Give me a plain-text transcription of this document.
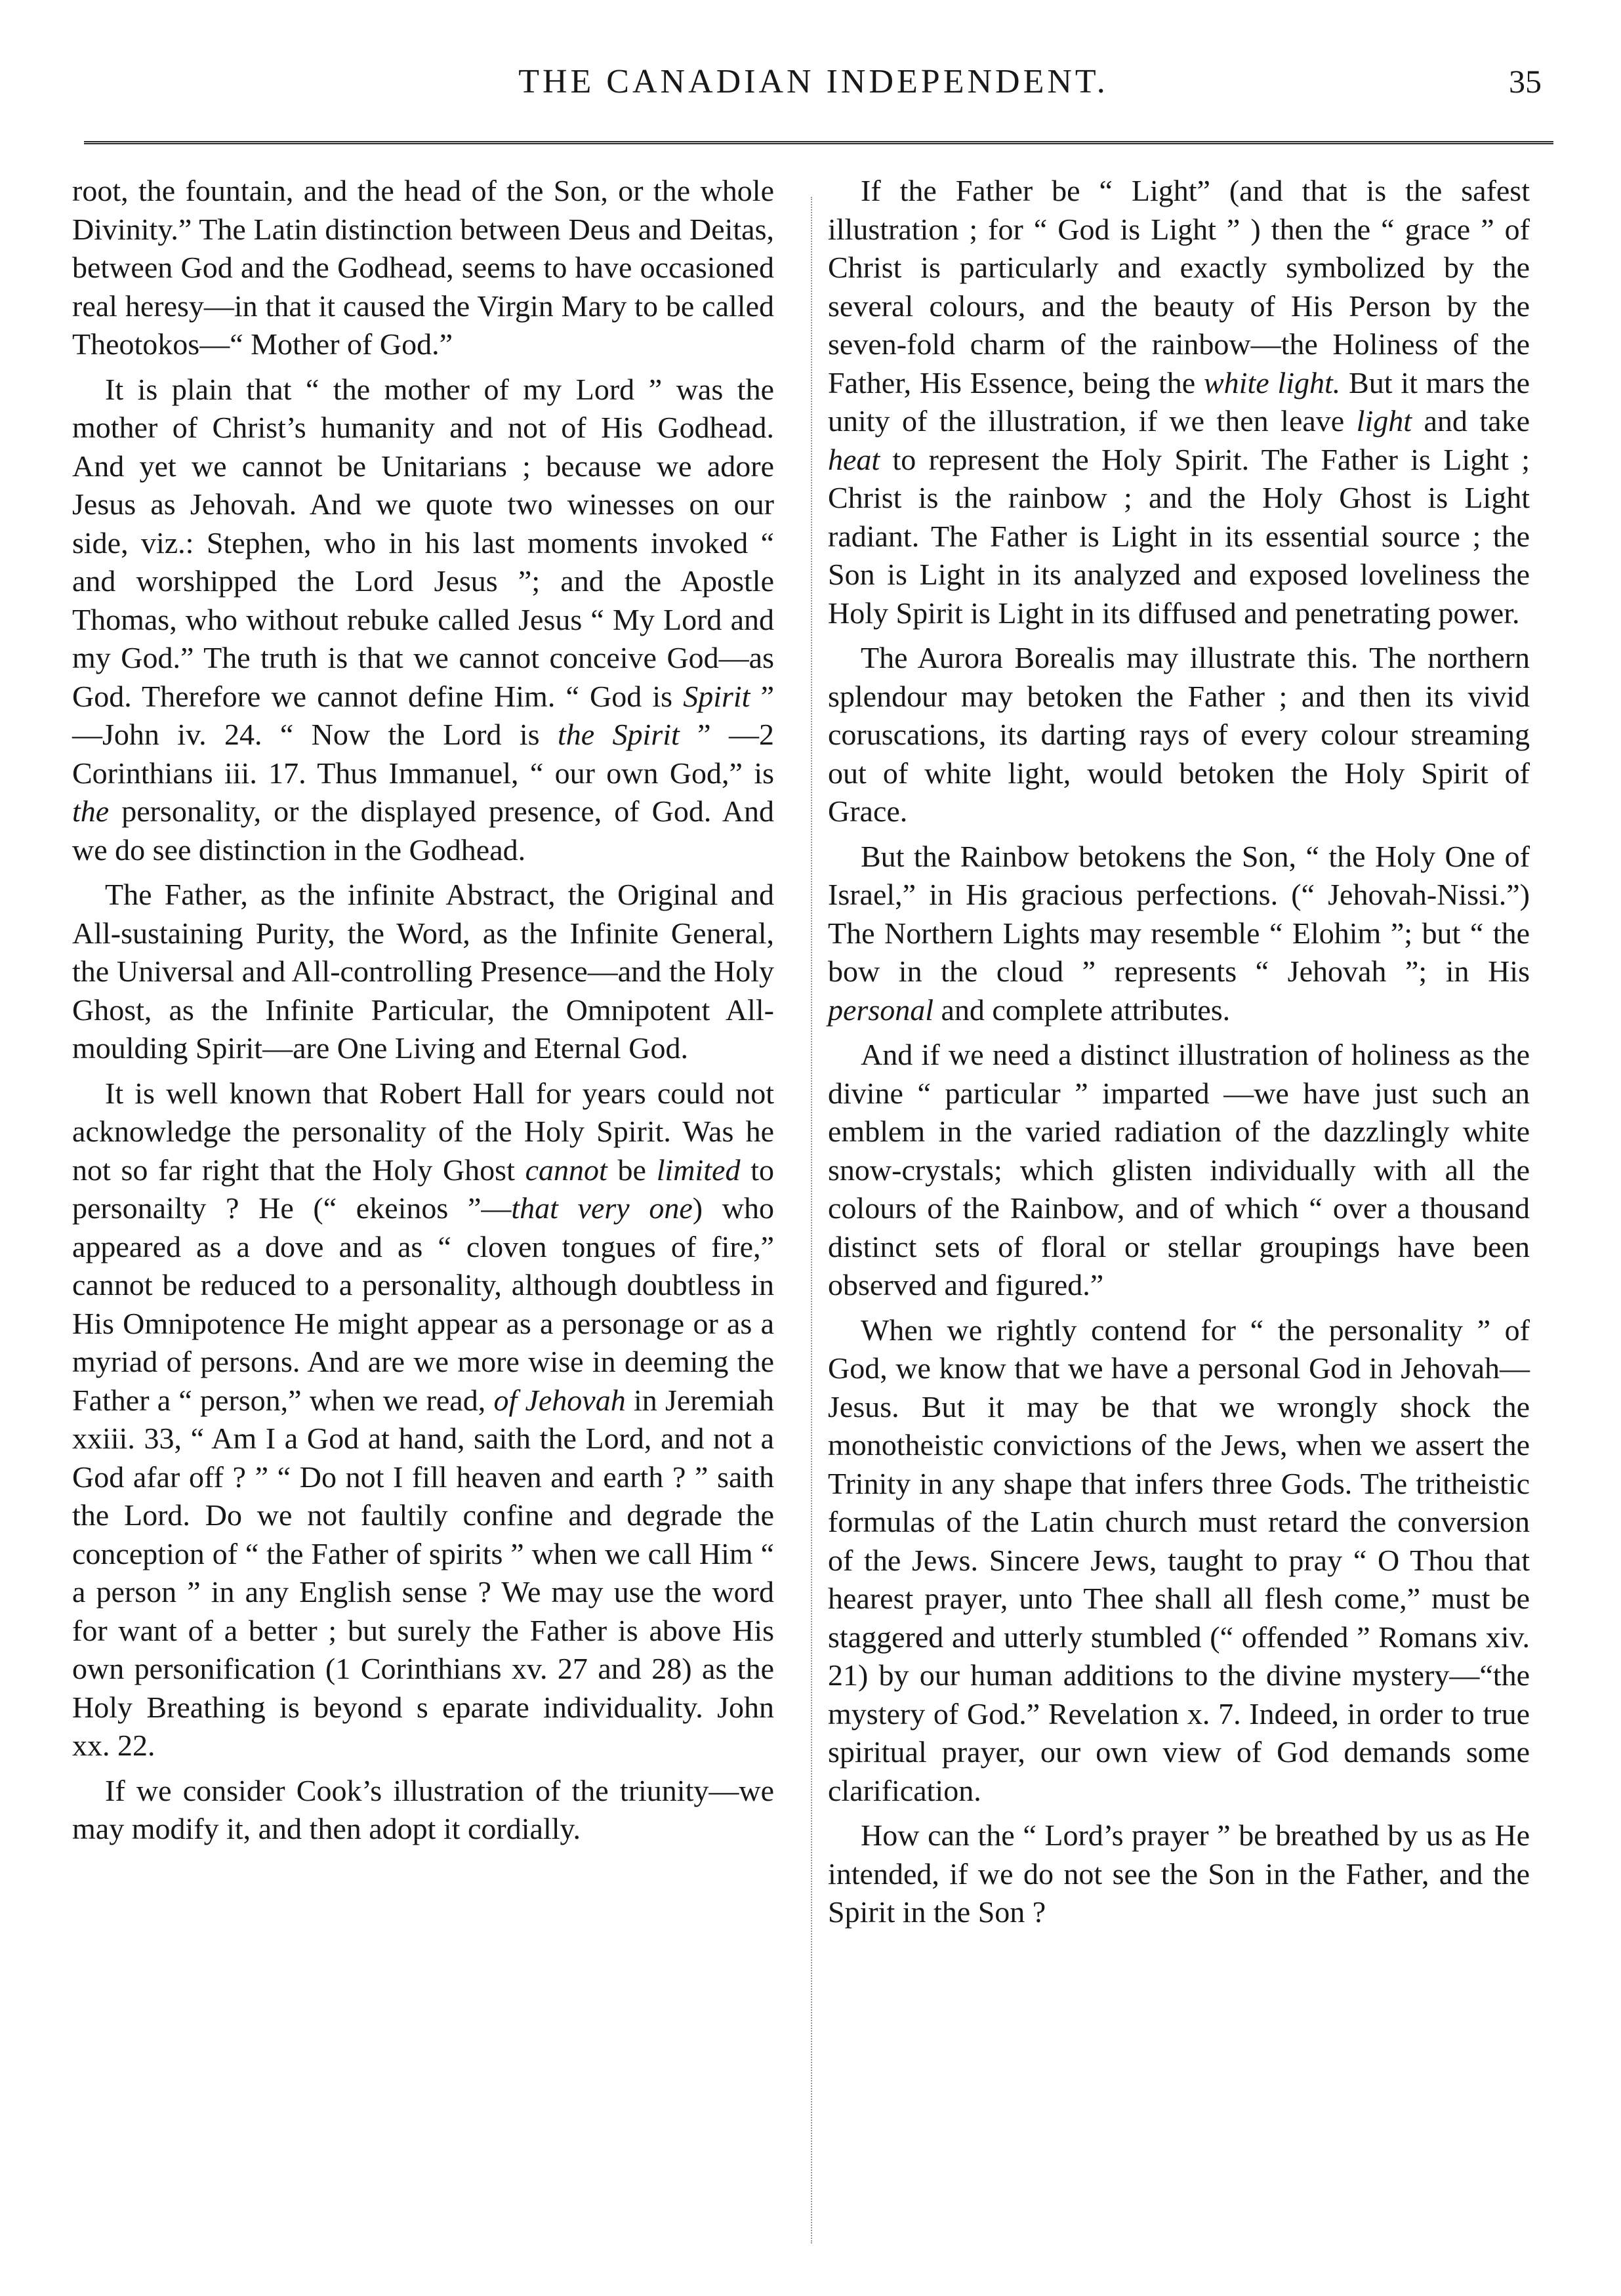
THE CANADIAN INDEPENDENT.	35

root, the fountain, and the head of the Son, or the whole Divinity.” The Latin distinction between Deus and Deitas, between God and the Godhead, seems to have occasioned real heresy—in that it caused the Virgin Mary to be called Theotokos—“ Mother of God.”

It is plain that “ the mother of my Lord ” was the mother of Christ’s humanity and not of His Godhead. And yet we cannot be Unitarians ; because we adore Jesus as Jehovah. And we quote two winesses on our side, viz.: Stephen, who in his last moments invoked “ and worshipped the Lord Jesus ”; and the Apostle Thomas, who without rebuke called Jesus “ My Lord and my God.” The truth is that we cannot conceive God—as God. Therefore we cannot define Him. “ God is Spirit ” —John iv. 24. “ Now the Lord is the Spirit ” —2 Corinthians iii. 17. Thus Immanuel, “ our own God,” is the personality, or the displayed presence, of God. And we do see distinction in the Godhead.

The Father, as the infinite Abstract, the Original and All-sustaining Purity, the Word, as the Infinite General, the Universal and All-controlling Presence—and the Holy Ghost, as the Infinite Particular, the Omnipotent All-moulding Spirit—are One Living and Eternal God.

It is well known that Robert Hall for years could not acknowledge the personality of the Holy Spirit. Was he not so far right that the Holy Ghost cannot be limited to personailty ? He (“ ekeinos ”—that very one) who appeared as a dove and as “ cloven tongues of fire,” cannot be reduced to a personality, although doubtless in His Omnipotence He might appear as a personage or as a myriad of persons. And are we more wise in deeming the Father a “ person,” when we read, of Jehovah in Jeremiah xxiii. 33, “ Am I a God at hand, saith the Lord, and not a God afar off ? ” “ Do not I fill heaven and earth ? ” saith the Lord. Do we not faultily confine and degrade the conception of “ the Father of spirits ” when we call Him “ a person ” in any English sense ? We may use the word for want of a better ; but surely the Father is above His own personification (1 Corinthians xv. 27 and 28) as the Holy Breathing is beyond s eparate individuality. John xx. 22.

If we consider Cook’s illustration of the triunity—we may modify it, and then adopt it cordially.

If the Father be “ Light” (and that is the safest illustration ; for “ God is Light ” ) then the “ grace ” of Christ is particularly and exactly symbolized by the several colours, and the beauty of His Person by the seven-fold charm of the rainbow—the Holiness of the Father, His Essence, being the white light. But it mars the unity of the illustration, if we then leave light and take heat to represent the Holy Spirit. The Father is Light ; Christ is the rainbow ; and the Holy Ghost is Light radiant. The Father is Light in its essential source ; the Son is Light in its analyzed and exposed loveliness the Holy Spirit is Light in its diffused and penetrating power.

The Aurora Borealis may illustrate this. The northern splendour may betoken the Father ; and then its vivid coruscations, its darting rays of every colour streaming out of white light, would betoken the Holy Spirit of Grace.

But the Rainbow betokens the Son, “ the Holy One of Israel,” in His gracious perfections. (“ Jehovah-Nissi.”) The Northern Lights may resemble “ Elohim ”; but “ the bow in the cloud ” represents “ Jehovah ”; in His personal and complete attributes.

And if we need a distinct illustration of holiness as the divine “ particular ” imparted —we have just such an emblem in the varied radiation of the dazzlingly white snow-crystals; which glisten individually with all the colours of the Rainbow, and of which “ over a thousand distinct sets of floral or stellar groupings have been observed and figured.”

When we rightly contend for “ the personality ” of God, we know that we have a personal God in Jehovah—Jesus. But it may be that we wrongly shock the monotheistic convictions of the Jews, when we assert the Trinity in any shape that infers three Gods. The tritheistic formulas of the Latin church must retard the conversion of the Jews. Sincere Jews, taught to pray “ O Thou that hearest prayer, unto Thee shall all flesh come,” must be staggered and utterly stumbled (“ offended ” Romans xiv. 21) by our human additions to the divine mystery—“the mystery of God.” Revelation x. 7. Indeed, in order to true spiritual prayer, our own view of God demands some clarification.

How can the “ Lord’s prayer ” be breathed by us as He intended, if we do not see the Son in the Father, and the Spirit in the Son ?
